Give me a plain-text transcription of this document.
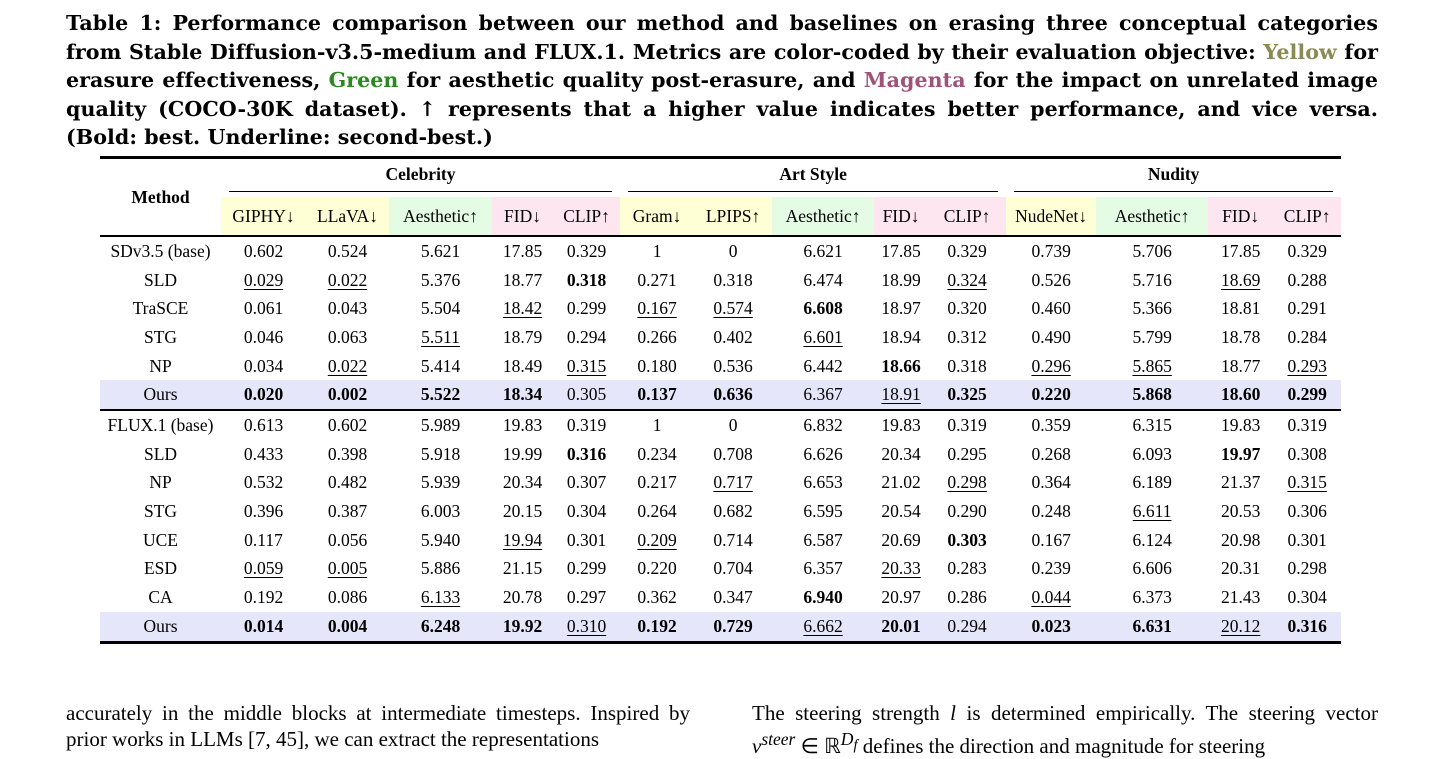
Table 1: Performance comparison between our method and baselines on erasing three conceptual categories from Stable Diffusion-v3.5-medium and FLUX.1. Metrics are color-coded by their evaluation objective: Yellow for erasure effectiveness, Green for aesthetic quality post-erasure, and Magenta for the impact on unrelated image quality (COCO-30K dataset). ↑ represents that a higher value indicates better performance, and vice versa. (Bold: best. Underline: second-best.)
Method	Celebrity					Art Style					Nudity			
	GIPHY↓	LLaVA↓	Aesthetic↑	FID↓	CLIP↑	Gram↓	LPIPS↑	Aesthetic↑	FID↓	CLIP↑	NudeNet↓	Aesthetic↑	FID↓	CLIP↑
SDv3.5 (base)	0.602	0.524	5.621	17.85	0.329	1	0	6.621	17.85	0.329	0.739	5.706	17.85	0.329
SLD	0.029	0.022	5.376	18.77	0.318	0.271	0.318	6.474	18.99	0.324	0.526	5.716	18.69	0.288
TraSCE	0.061	0.043	5.504	18.42	0.299	0.167	0.574	6.608	18.97	0.320	0.460	5.366	18.81	0.291
STG	0.046	0.063	5.511	18.79	0.294	0.266	0.402	6.601	18.94	0.312	0.490	5.799	18.78	0.284
NP	0.034	0.022	5.414	18.49	0.315	0.180	0.536	6.442	18.66	0.318	0.296	5.865	18.77	0.293
Ours	0.020	0.002	5.522	18.34	0.305	0.137	0.636	6.367	18.91	0.325	0.220	5.868	18.60	0.299
FLUX.1 (base)	0.613	0.602	5.989	19.83	0.319	1	0	6.832	19.83	0.319	0.359	6.315	19.83	0.319
SLD	0.433	0.398	5.918	19.99	0.316	0.234	0.708	6.626	20.34	0.295	0.268	6.093	19.97	0.308
NP	0.532	0.482	5.939	20.34	0.307	0.217	0.717	6.653	21.02	0.298	0.364	6.189	21.37	0.315
STG	0.396	0.387	6.003	20.15	0.304	0.264	0.682	6.595	20.54	0.290	0.248	6.611	20.53	0.306
UCE	0.117	0.056	5.940	19.94	0.301	0.209	0.714	6.587	20.69	0.303	0.167	6.124	20.98	0.301
ESD	0.059	0.005	5.886	21.15	0.299	0.220	0.704	6.357	20.33	0.283	0.239	6.606	20.31	0.298
CA	0.192	0.086	6.133	20.78	0.297	0.362	0.347	6.940	20.97	0.286	0.044	6.373	21.43	0.304
Ours	0.014	0.004	6.248	19.92	0.310	0.192	0.729	6.662	20.01	0.294	0.023	6.631	20.12	0.316
accurately in the middle blocks at intermediate timesteps. Inspired by prior works in LLMs [7, 45], we can extract the representations
The steering strength l is determined empirically. The steering vector $v^{steer}$ ∈ ℝ$^{D_f}$ defines the direction and magnitude for steering
